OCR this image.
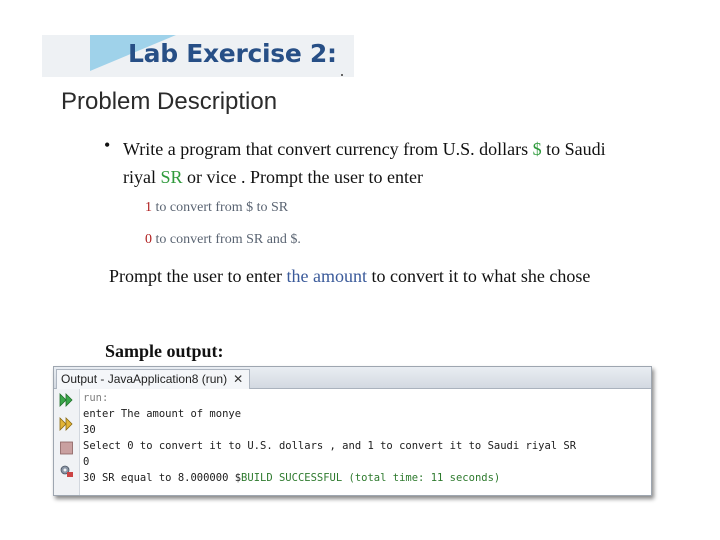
Lab Exercise 2:
Problem Description
• Write a program that convert currency from U.S. dollars $ to Saudi riyal SR or vice . Prompt the user to enter
1 to convert from $ to SR
0 to convert from SR and $.
Prompt the user to enter the amount to convert it to what she chose
Sample output:
Output - JavaApplication8 (run) ✕
run:
enter The amount of monye
30
Select 0 to convert it to U.S. dollars , and 1 to convert it to Saudi riyal SR
0
30 SR equal to 8.000000 $BUILD SUCCESSFUL (total time: 11 seconds)
